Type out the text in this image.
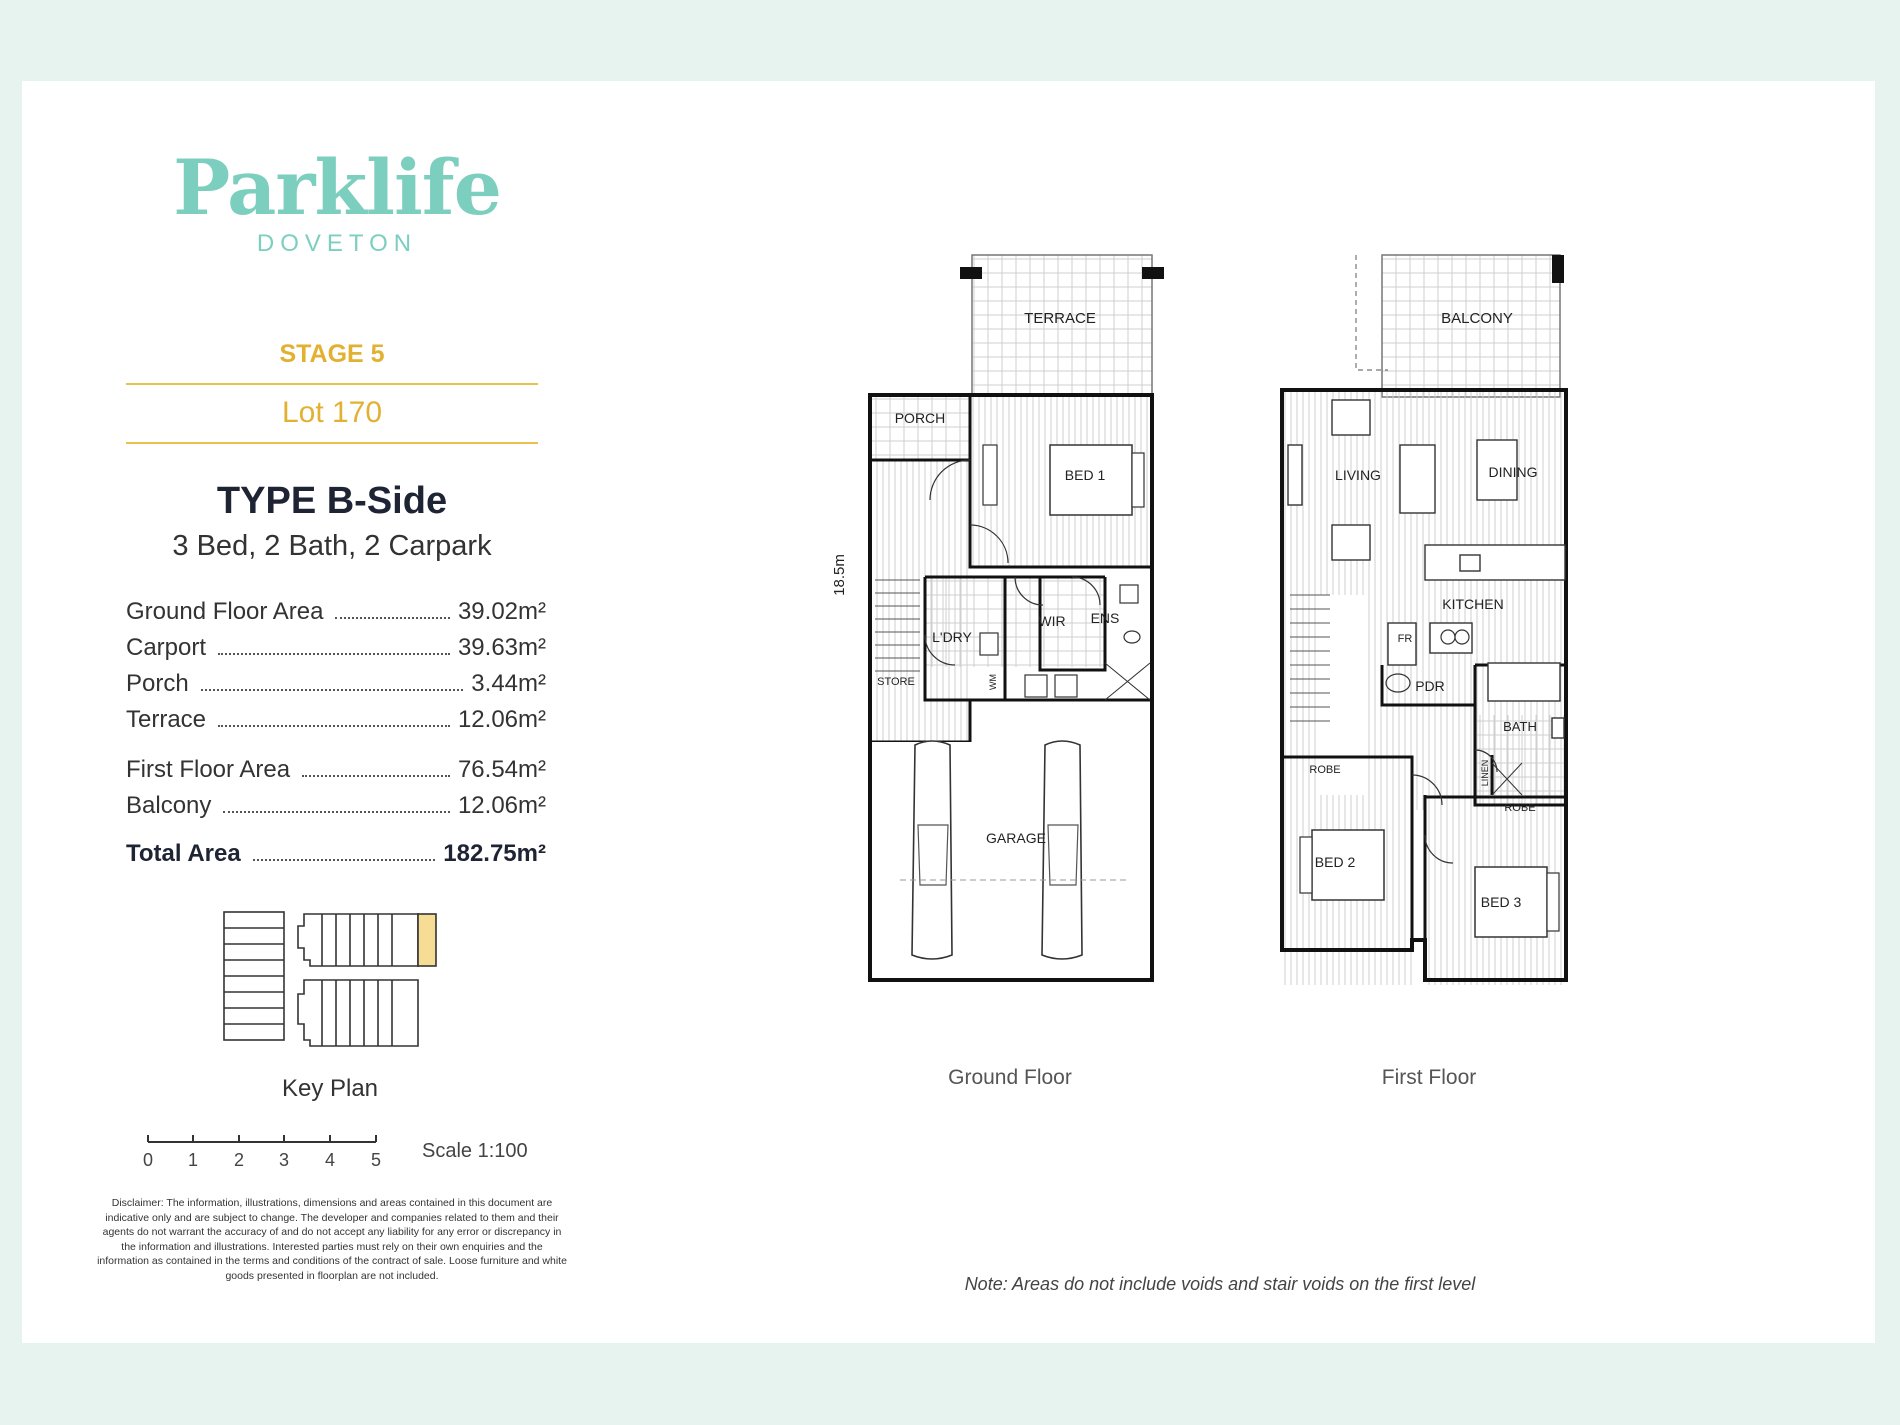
Parklife
DOVETON
STAGE 5
Lot 170
TYPE B-Side
3 Bed, 2 Bath, 2 Carpark
Ground Floor Area	39.02m²
Carport	39.63m²
Porch	3.44m²
Terrace	12.06m²
First Floor Area	76.54m²
Balcony	12.06m²
Total Area	182.75m²
Key Plan
0 1 2 3 4 5 Scale 1:100
Disclaimer: The information, illustrations, dimensions and areas contained in this document are indicative only and are subject to change. The developer and companies related to them and their agents do not warrant the accuracy of and do not accept any liability for any error or discrepancy in the information and illustrations. Interested parties must rely on their own enquiries and the information as contained in the terms and conditions of the contract of sale. Loose furniture and white goods presented in floorplan are not included.
TERRACE
BED 1
PORCH
WIR ENS
L'DRY
STORE	WM
GARAGE
18.5m
Ground Floor
BALCONY
LIVING	DINING
KITCHEN
FR
PDR
BATH
LINEN
ROBE
ROBE
BED 2
BED 3
First Floor
Note: Areas do not include voids and stair voids on the first level
